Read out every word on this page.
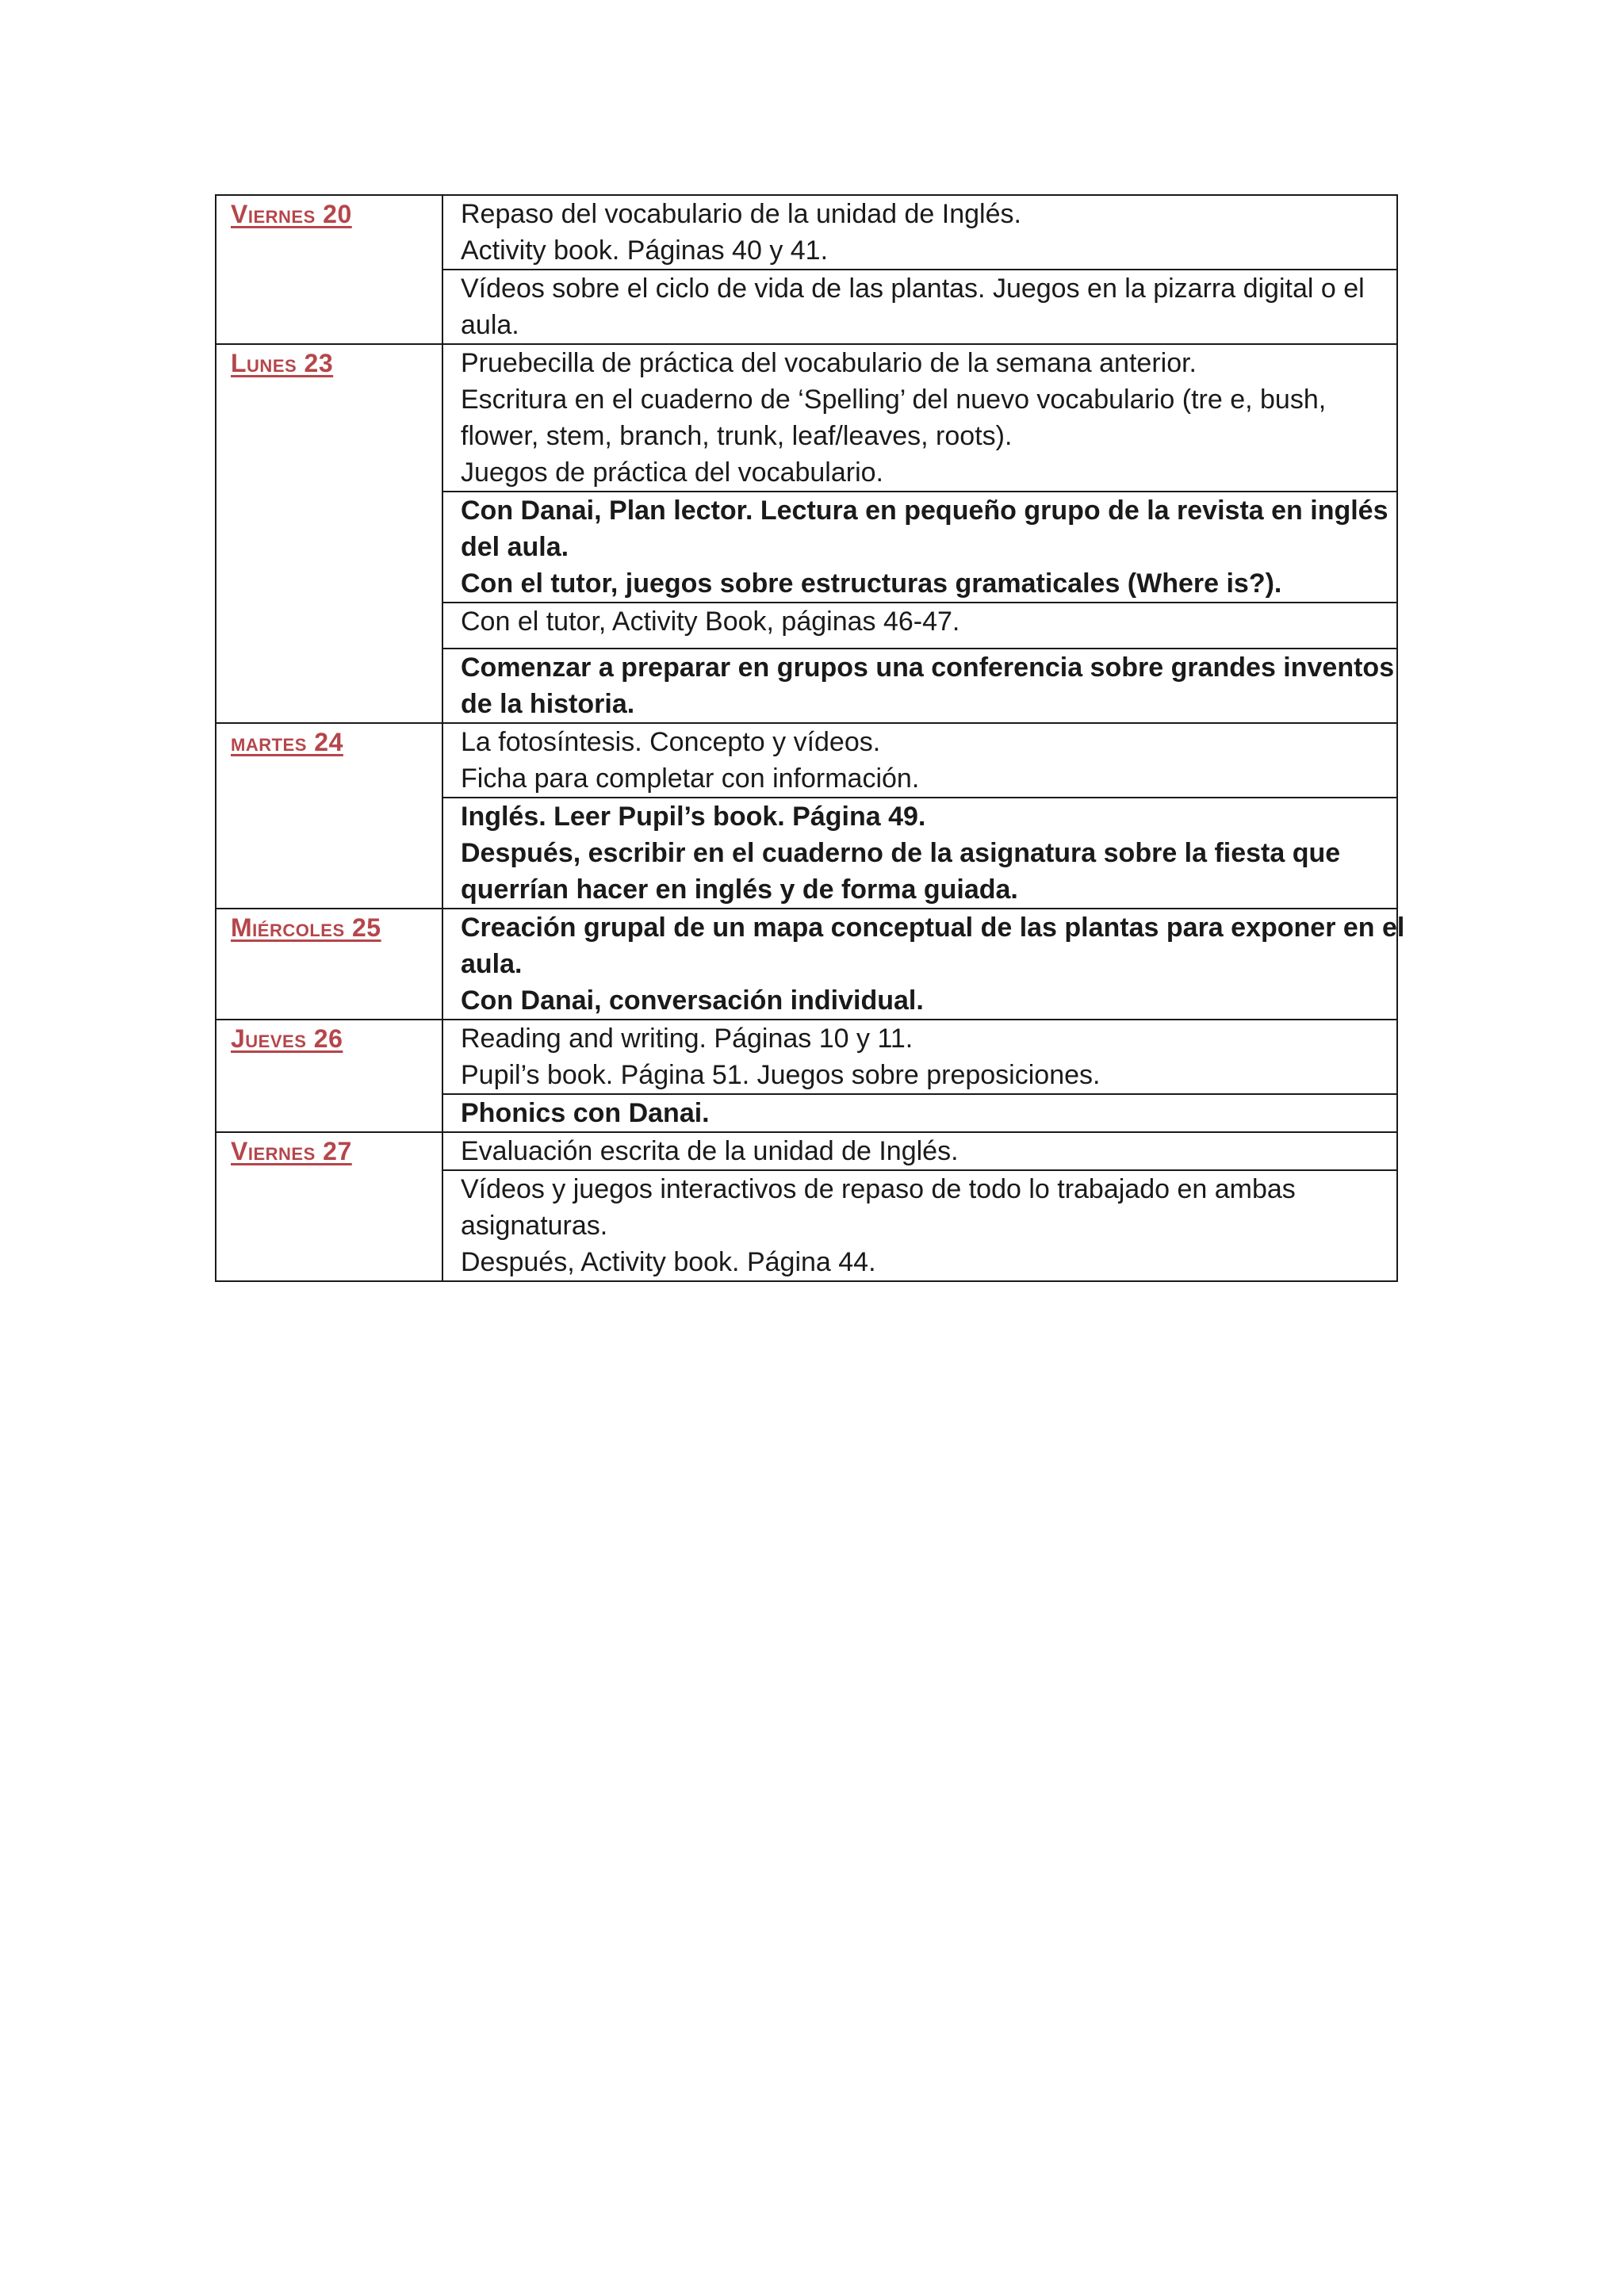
Viernes 20	Repaso del vocabulario de la unidad de Inglés.
Activity book. Páginas 40 y 41.

	Vídeos sobre el ciclo de vida de las plantas. Juegos en la pizarra digital o el
aula.

Lunes 23	Pruebecilla de práctica del vocabulario de la semana anterior.
Escritura en el cuaderno de ‘Spelling’ del nuevo vocabulario (tre e, bush,
flower, stem, branch, trunk, leaf/leaves, roots).
Juegos de práctica del vocabulario.

	Con Danai, Plan lector. Lectura en pequeño grupo de la revista en inglés
del aula.
Con el tutor, juegos sobre estructuras gramaticales (Where is?).

	Con el tutor, Activity Book, páginas 46-47.

	Comenzar a preparar en grupos una conferencia sobre grandes inventos
de la historia.

martes 24	La fotosíntesis. Concepto y vídeos.
Ficha para completar con información.

	Inglés. Leer Pupil’s book. Página 49.
Después, escribir en el cuaderno de la asignatura sobre la fiesta que
querrían hacer en inglés y de forma guiada.

Miércoles 25	Creación grupal de un mapa conceptual de las plantas para exponer en el
aula.
Con Danai, conversación individual.

Jueves 26	Reading and writing. Páginas 10 y 11.
Pupil’s book. Página 51. Juegos sobre preposiciones.

	Phonics con Danai.

Viernes 27	Evaluación escrita de la unidad de Inglés.

	Vídeos y juegos interactivos de repaso de todo lo trabajado en ambas
asignaturas.
Después, Activity book. Página 44.
